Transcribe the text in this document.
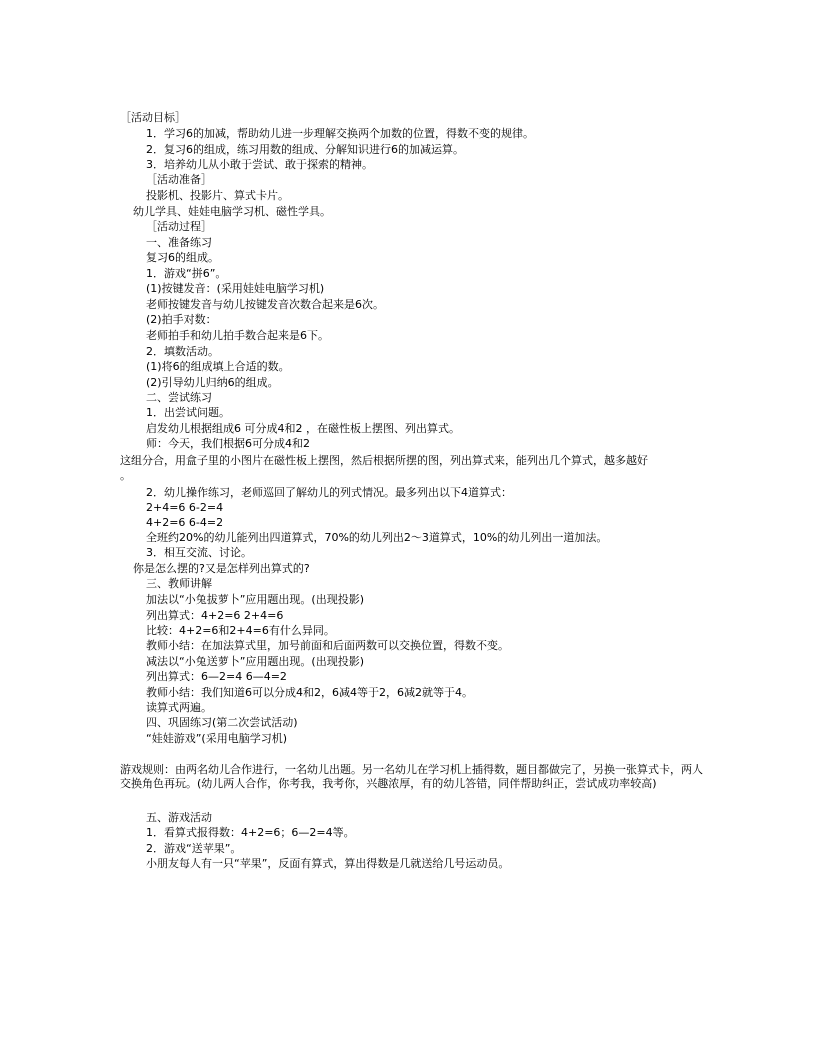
［活动目标］
1．学习6的加减，帮助幼儿进一步理解交换两个加数的位置，得数不变的规律。
2．复习6的组成，练习用数的组成、分解知识进行6的加减运算。
3．培养幼儿从小敢于尝试、敢于探索的精神。
［活动准备］
投影机、投影片、算式卡片。
幼儿学具、娃娃电脑学习机、磁性学具。
［活动过程］
一、准备练习
复习6的组成。
1．游戏“拼6”。
(1)按键发音：(采用娃娃电脑学习机)
老师按键发音与幼儿按键发音次数合起来是6次。
(2)拍手对数：
老师拍手和幼儿拍手数合起来是6下。
2．填数活动。
(1)将6的组成填上合适的数。
(2)引导幼儿归纳6的组成。
二、尝试练习
1．出尝试问题。
启发幼儿根据组成6 可分成4和2 ，在磁性板上摆图、列出算式。
师：今天，我们根据6可分成4和2
这组分合，用盒子里的小图片在磁性板上摆图，然后根据所摆的图，列出算式来，能列出几个算式，越多越好
。
2．幼儿操作练习，老师巡回了解幼儿的列式情况。最多列出以下4道算式：
2+4=6 6-2=4
4+2=6 6-4=2
全班约20%的幼儿能列出四道算式，70%的幼儿列出2～3道算式，10%的幼儿列出一道加法。
3．相互交流、讨论。
你是怎么摆的?又是怎样列出算式的?
三、教师讲解
加法以“小兔拔萝卜”应用题出现。(出现投影)
列出算式：4+2=6 2+4=6
比较：4+2=6和2+4=6有什么异同。
教师小结：在加法算式里，加号前面和后面两数可以交换位置，得数不变。
减法以“小兔送萝卜”应用题出现。(出现投影)
列出算式：6—2=4 6—4=2
教师小结：我们知道6可以分成4和2，6减4等于2，6减2就等于4。
读算式两遍。
四、巩固练习(第二次尝试活动)
“娃娃游戏”(采用电脑学习机)
游戏规则：由两名幼儿合作进行，一名幼儿出题。另一名幼儿在学习机上插得数，题目都做完了，另换一张算式卡，两人交换角色再玩。(幼儿两人合作，你考我，我考你，兴趣浓厚，有的幼儿答错，同伴帮助纠正，尝试成功率较高)
五、游戏活动
1．看算式报得数：4+2=6；6—2=4等。
2．游戏“送苹果”。
小朋友每人有一只“苹果”，反面有算式，算出得数是几就送给几号运动员。
